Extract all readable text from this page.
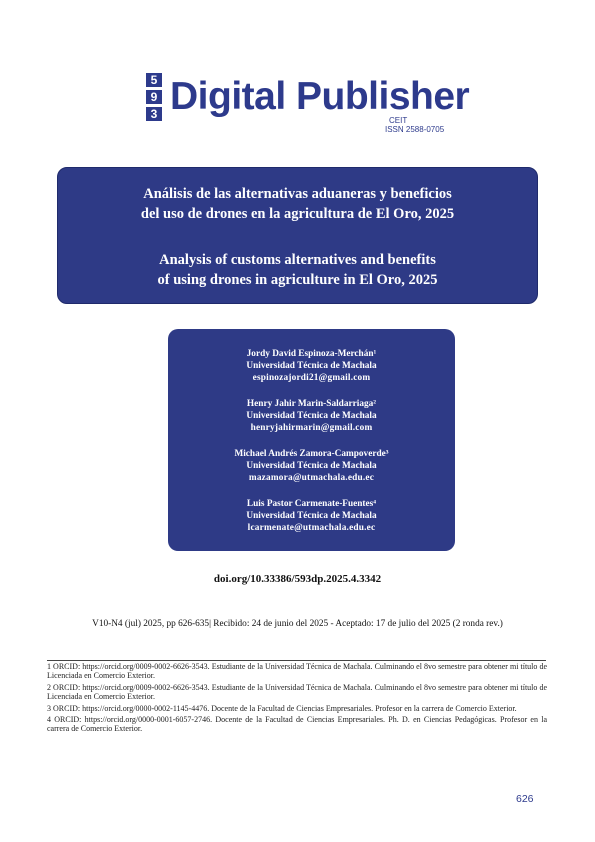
5
9
3 Digital Publisher
CEIT
ISSN 2588-0705
Análisis de las alternativas aduaneras y beneficios
del uso de drones en la agricultura de El Oro, 2025
Analysis of customs alternatives and benefits
of using drones in agriculture in El Oro, 2025
Jordy David Espinoza-Merchán¹
Universidad Técnica de Machala
espinozajordi21@gmail.com
Henry Jahir Marin-Saldarriaga²
Universidad Técnica de Machala
henryjahirmarin@gmail.com
Michael Andrés Zamora-Campoverde³
Universidad Técnica de Machala
mazamora@utmachala.edu.ec
Luis Pastor Carmenate-Fuentes⁴
Universidad Técnica de Machala
lcarmenate@utmachala.edu.ec
doi.org/10.33386/593dp.2025.4.3342
V10-N4 (jul) 2025, pp 626-635| Recibido: 24 de junio del 2025 - Aceptado: 17 de julio del 2025 (2 ronda rev.)

1 ORCID: https://orcid.org/0009-0002-6626-3543. Estudiante de la Universidad Técnica de Machala. Culminando el 8vo semestre para obtener mi título de Licenciada en Comercio Exterior.

2 ORCID: https://orcid.org/0009-0002-6626-3543. Estudiante de la Universidad Técnica de Machala. Culminando el 8vo semestre para obtener mi título de Licenciada en Comercio Exterior.

3 ORCID: https://orcid.org/0000-0002-1145-4476. Docente de la Facultad de Ciencias Empresariales. Profesor en la carrera de Comercio Exterior.

4 ORCID: https://orcid.org/0000-0001-6057-2746. Docente de la Facultad de Ciencias Empresariales. Ph. D. en Ciencias Pedagógicas. Profesor en la carrera de Comercio Exterior.

626
